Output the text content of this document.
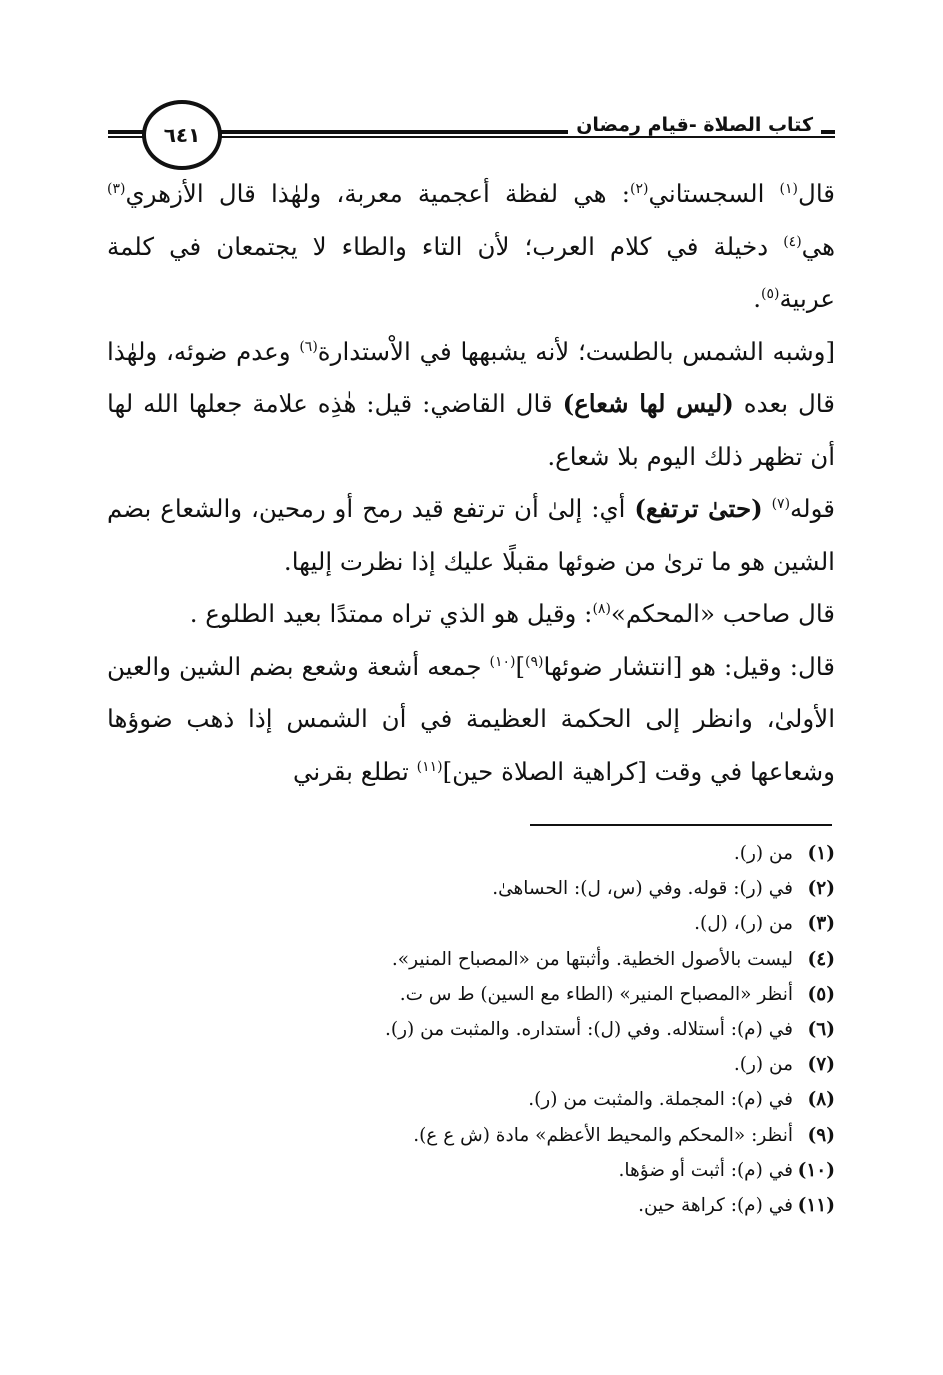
كتاب الصلاة -قيام رمضان
٦٤١

قال$^{(١)}$ السجستاني$^{(٢)}$: هي لفظة أعجمية معربة، ولهٰذا قال الأزهري$^{(٣)}$ هي$^{(٤)}$ دخيلة في كلام العرب؛ لأن التاء والطاء لا يجتمعان في كلمة عربية$^{(٥)}$.

[وشبه الشمس بالطست؛ لأنه يشبهها في الاْستدارة$^{(٦)}$ وعدم ضوئه، ولهٰذا قال بعده (ليس لها شعاع) قال القاضي: قيل: هٰذِه علامة جعلها الله لها أن تظهر ذلك اليوم بلا شعاع.

قوله$^{(٧)}$ (حتىٰ ترتفع) أي: إلىٰ أن ترتفع قيد رمح أو رمحين، والشعاع بضم الشين هو ما ترىٰ من ضوئها مقبلًا عليك إذا نظرت إليها.

قال صاحب «المحكم»$^{(٨)}$: وقيل هو الذي تراه ممتدًا بعيد الطلوع .

قال: وقيل: هو [انتشار ضوئها$^{(٩)}$]$^{(١٠)}$ جمعه أشعة وشعع بضم الشين والعين الأولىٰ، وانظر إلى الحكمة العظيمة في أن الشمس إذا ذهب ضوؤها وشعاعها في وقت [كراهية الصلاة حين]$^{(١١)}$ تطلع بقرني

(١)
من (ر).
(٢)
في (ر): قوله. وفي (س، ل): الحساهیٰ.
(٣)
من (ر)، (ل).
(٤)
ليست بالأصول الخطية. وأثبتها من «المصباح المنير».
(٥)
أنظر «المصباح المنير» (الطاء مع السين) ط س ت.
(٦)
في (م): أستلاله. وفي (ل): أستداره. والمثبت من (ر).
(٧)
من (ر).
(٨)
في (م): المجملة. والمثبت من (ر).
(٩)
أنظر: «المحكم والمحيط الأعظم» مادة (ش ع ع).
(١٠)
في (م): أثبت أو ضؤها.
(١١)
في (م): كراهة حين.
